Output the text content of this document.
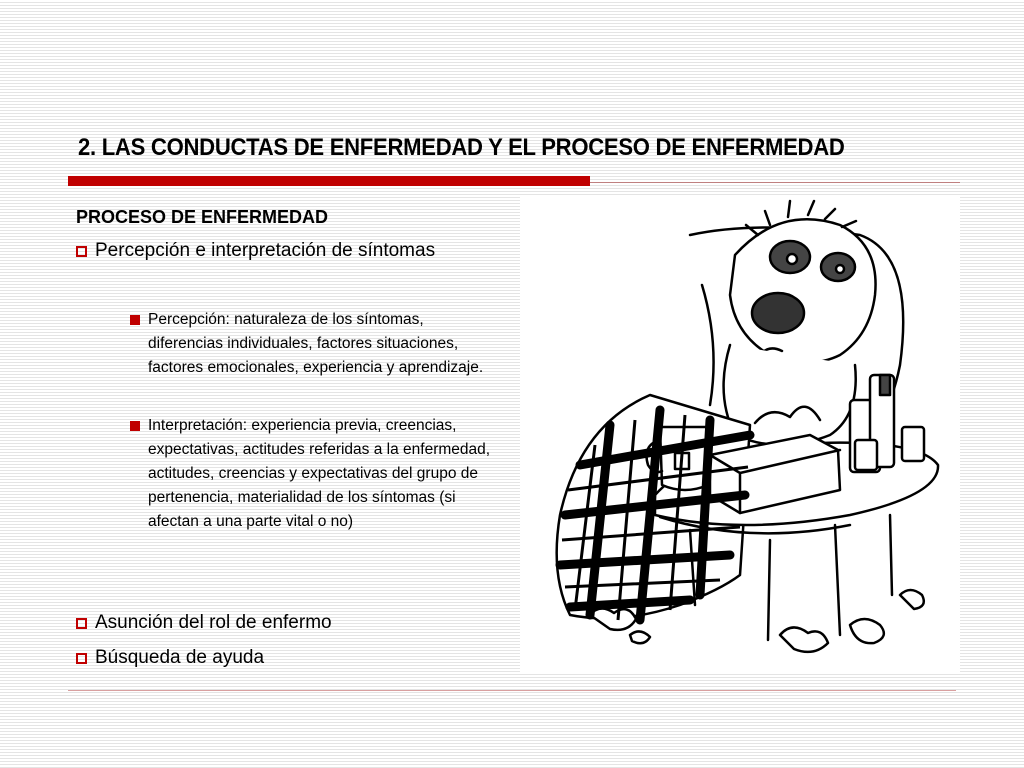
2. LAS CONDUCTAS DE ENFERMEDAD Y EL PROCESO DE ENFERMEDAD
PROCESO DE ENFERMEDAD
Percepción e interpretación de síntomas
Percepción: naturaleza de los síntomas, diferencias individuales, factores situaciones, factores emocionales, experiencia y aprendizaje.
Interpretación: experiencia previa, creencias, expectativas, actitudes referidas a la enfermedad, actitudes, creencias y expectativas del grupo de pertenencia, materialidad de los síntomas (si afectan a una parte vital o no)
Asunción del rol de enfermo
Búsqueda de ayuda
